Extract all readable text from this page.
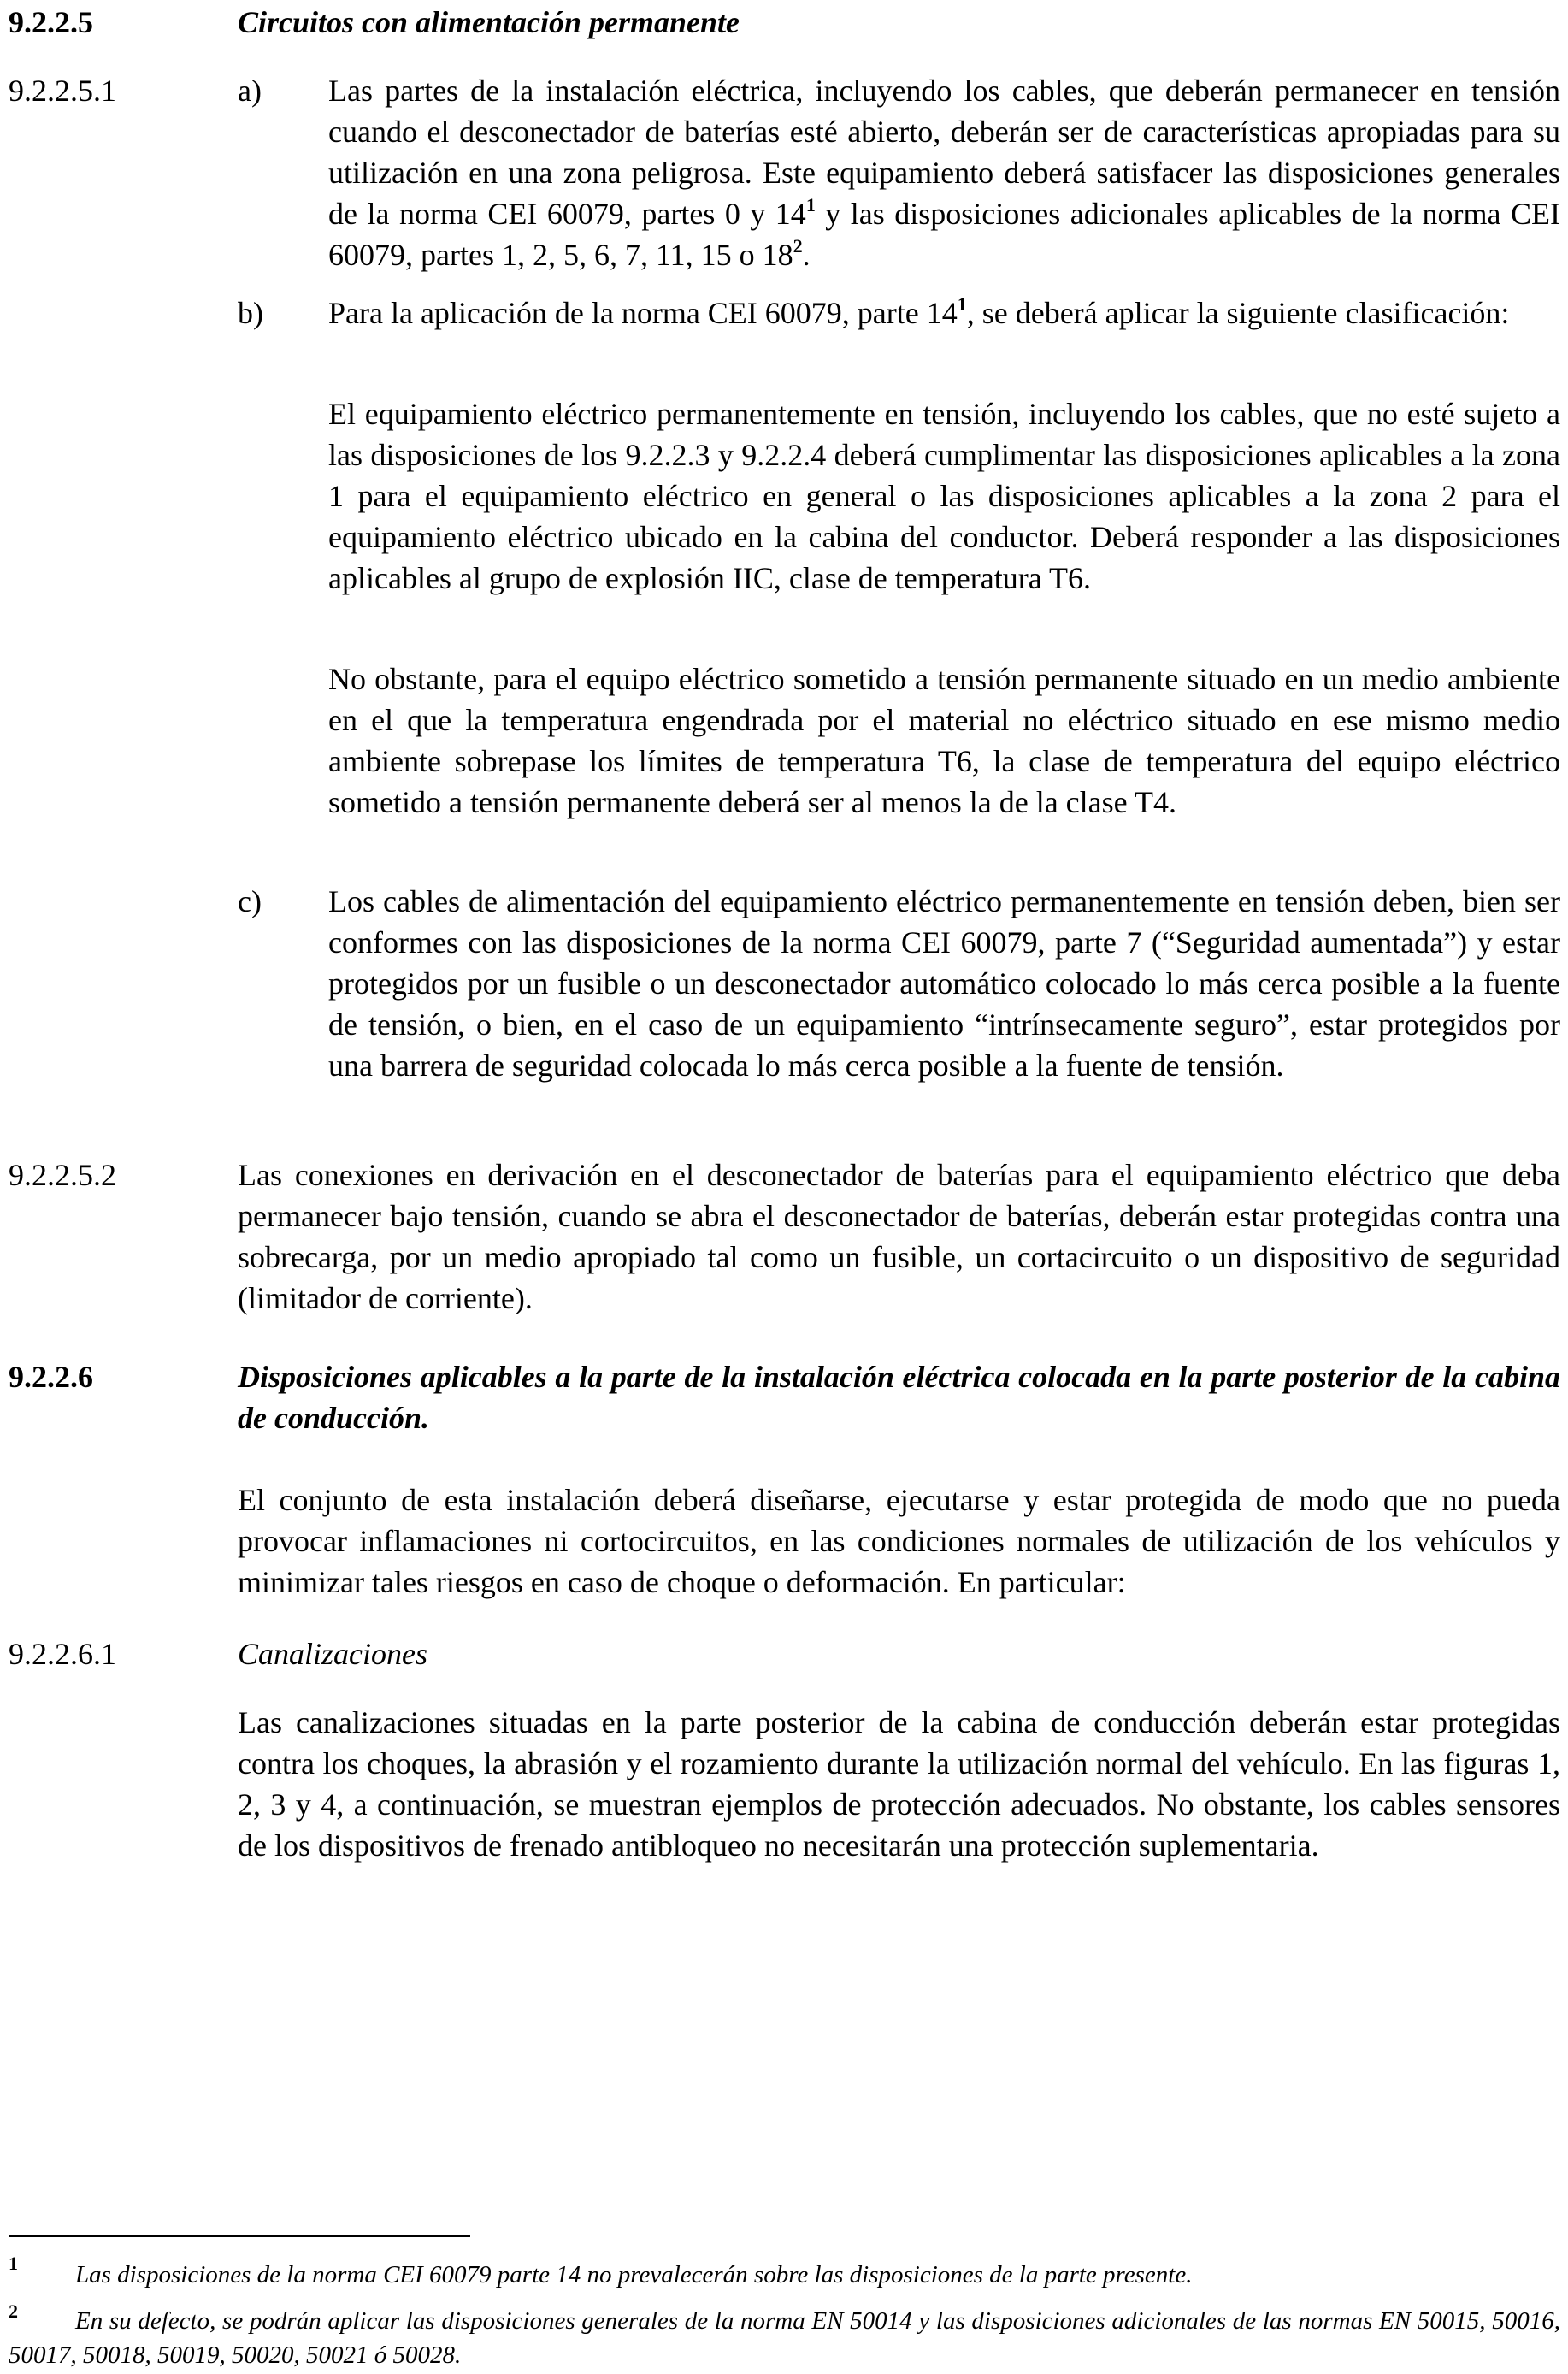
9.2.2.5	Circuitos con alimentación permanente
9.2.2.5.1	a)	Las partes de la instalación eléctrica, incluyendo los cables, que deberán permanecer en tensión cuando el desconectador de baterías esté abierto, deberán ser de características apropiadas para su utilización en una zona peligrosa. Este equipamiento deberá satisfacer las disposiciones generales de la norma CEI 60079, partes 0 y $14^1$ y las disposiciones adicionales aplicables de la norma CEI 60079, partes 1, 2, 5, 6, 7, 11, 15 o $18^2$.
b)	Para la aplicación de la norma CEI 60079, parte $14^1$, se deberá aplicar la siguiente clasificación:
El equipamiento eléctrico permanentemente en tensión, incluyendo los cables, que no esté sujeto a las disposiciones de los 9.2.2.3 y 9.2.2.4 deberá cumplimentar las disposiciones aplicables a la zona 1 para el equipamiento eléctrico en general o las disposiciones aplicables a la zona 2 para el equipamiento eléctrico ubicado en la cabina del conductor. Deberá responder a las disposiciones aplicables al grupo de explosión IIC, clase de temperatura T6.
No obstante, para el equipo eléctrico sometido a tensión permanente situado en un medio ambiente en el que la temperatura engendrada por el material no eléctrico situado en ese mismo medio ambiente sobrepase los límites de temperatura T6, la clase de temperatura del equipo eléctrico sometido a tensión permanente deberá ser al menos la de la clase T4.
c)	Los cables de alimentación del equipamiento eléctrico permanentemente en tensión deben, bien ser conformes con las disposiciones de la norma CEI 60079, parte 7 (“Seguridad aumentada”) y estar protegidos por un fusible o un desconectador automático colocado lo más cerca posible a la fuente de tensión, o bien, en el caso de un equipamiento “intrínsecamente seguro”, estar protegidos por una barrera de seguridad colocada lo más cerca posible a la fuente de tensión.
9.2.2.5.2	Las conexiones en derivación en el desconectador de baterías para el equipamiento eléctrico que deba permanecer bajo tensión, cuando se abra el desconectador de baterías, deberán estar protegidas contra una sobrecarga, por un medio apropiado tal como un fusible, un cortacircuito o un dispositivo de seguridad (limitador de corriente).
9.2.2.6	Disposiciones aplicables a la parte de la instalación eléctrica colocada en la parte posterior de la cabina de conducción.
El conjunto de esta instalación deberá diseñarse, ejecutarse y estar protegida de modo que no pueda provocar inflamaciones ni cortocircuitos, en las condiciones normales de utilización de los vehículos y minimizar tales riesgos en caso de choque o deformación. En particular:
9.2.2.6.1	Canalizaciones
Las canalizaciones situadas en la parte posterior de la cabina de conducción deberán estar protegidas contra los choques, la abrasión y el rozamiento durante la utilización normal del vehículo. En las figuras 1, 2, 3 y 4, a continuación, se muestran ejemplos de protección adecuados. No obstante, los cables sensores de los dispositivos de frenado antibloqueo no necesitarán una protección suplementaria.
1 Las disposiciones de la norma CEI 60079 parte 14 no prevalecerán sobre las disposiciones de la parte presente.
2	En su defecto, se podrán aplicar las disposiciones generales de la norma EN 50014 y las disposiciones adicionales de las normas EN 50015, 50016, 50017, 50018, 50019, 50020, 50021 ó 50028.
